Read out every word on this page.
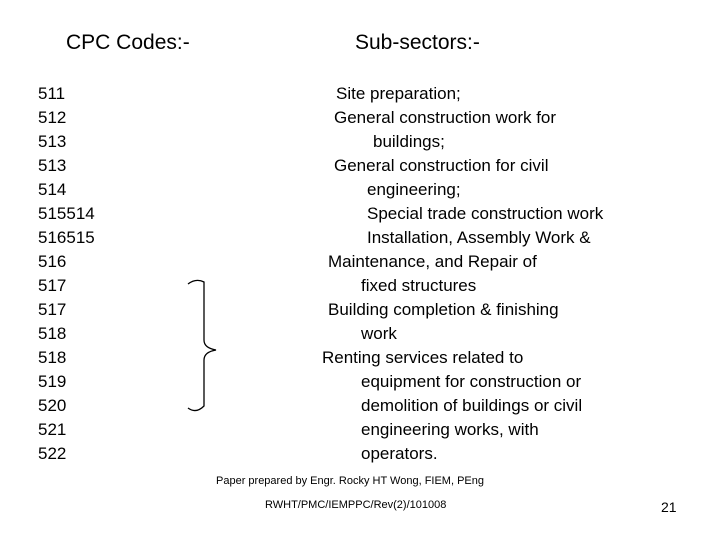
CPC Codes:-	Sub-sectors:-
511
512
513
513
514
515514
516515
516
517
517
518
518
519
520
521
522
Site preparation;
General construction work for
buildings;
General construction for civil
engineering;
Special trade construction work
Installation, Assembly Work &
Maintenance, and Repair of
fixed structures
Building completion & finishing
work
Renting services related to
equipment for construction or
demolition of buildings or civil
engineering works, with
operators.
Paper prepared by Engr. Rocky HT Wong, FIEM, PEng
RWHT/PMC/IEMPPC/Rev(2)/101008	21
